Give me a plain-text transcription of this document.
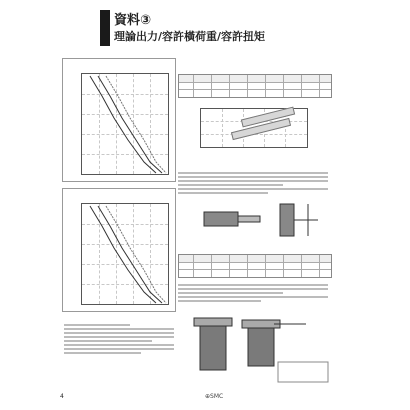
資料③
理論出力/容許橫荷重/容許扭矩
4	⊕SMC
